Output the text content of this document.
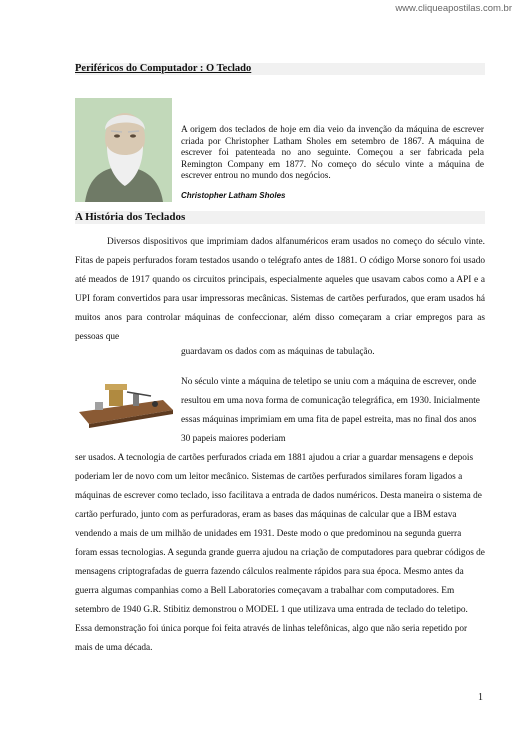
www.cliqueapostilas.com.br
Periféricos do Computador : O Teclado
A origem dos teclados de hoje em dia veio da invenção da máquina de escrever criada por Christopher Latham Sholes em setembro de 1867. A máquina de escrever foi patenteada no ano seguinte. Começou a ser fabricada pela Remington Company em 1877. No começo do século vinte a máquina de escrever entrou no mundo dos negócios.
Christopher Latham Sholes
A História dos Teclados
Diversos dispositivos que imprimiam dados alfanuméricos eram usados no começo do século vinte. Fitas de papeis perfurados foram testados usando o telégrafo antes de 1881. O código Morse sonoro foi usado até meados de 1917 quando os circuitos principais, especialmente aqueles que usavam cabos como a API e a UPI foram convertidos para usar impressoras mecânicas. Sistemas de cartões perfurados, que eram usados há muitos anos para controlar máquinas de confeccionar, além disso começaram a criar empregos para as pessoas que
guardavam os dados com as máquinas de tabulação.
No século vinte a máquina de teletipo se uniu com a máquina de escrever, onde resultou em uma nova forma de comunicação telegráfica, em 1930. Inicialmente essas máquinas imprimiam em uma fita de papel estreita, mas no final dos anos 30 papeis maiores poderiam
ser usados. A tecnologia de cartões perfurados criada em 1881 ajudou a criar a guardar mensagens e depois poderiam ler de novo com um leitor mecânico. Sistemas de cartões perfurados similares foram ligados a máquinas de escrever como teclado, isso facilitava a entrada de dados numéricos. Desta maneira o sistema de cartão perfurado, junto com as perfuradoras, eram as bases das máquinas de calcular que a IBM estava vendendo a mais de um milhão de unidades em 1931. Deste modo o que predominou na segunda guerra foram essas tecnologias. A segunda grande guerra ajudou na criação de computadores para quebrar códigos de mensagens criptografadas de guerra fazendo cálculos realmente rápidos para sua época. Mesmo antes da guerra algumas companhias como a Bell Laboratories começavam a trabalhar com computadores. Em setembro de 1940 G.R. Stibitiz demonstrou o MODEL 1 que utilizava uma entrada de teclado do teletipo. Essa demonstração foi única porque foi feita através de linhas telefônicas, algo que não seria repetido por mais de uma década.
1
